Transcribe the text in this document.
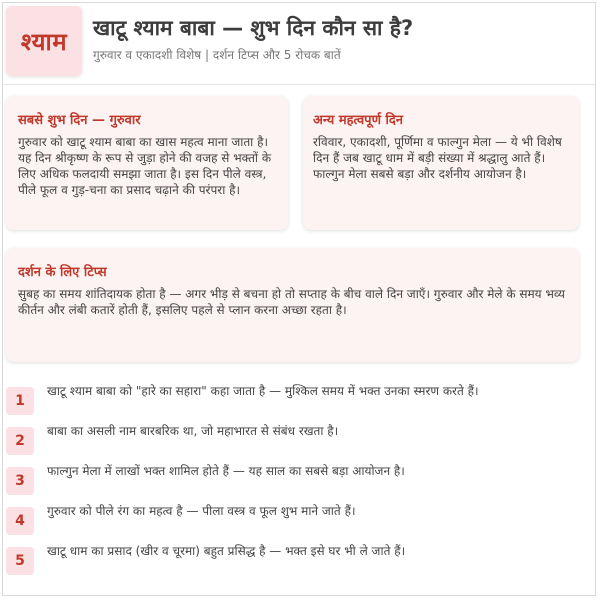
श्याम खाटू श्याम बाबा — शुभ दिन कौन सा है?

गुरुवार व एकादशी विशेष | दर्शन टिप्स और 5 रोचक बातें

सबसे शुभ दिन — गुरुवार

गुरुवार को खाटू श्याम बाबा का खास महत्व माना जाता है। यह दिन श्रीकृष्ण के रूप से जुड़ा होने की वजह से भक्तों के लिए अधिक फलदायी समझा जाता है। इस दिन पीले वस्त्र, पीले फूल व गुड़-चना का प्रसाद चढ़ाने की परंपरा है।

अन्य महत्वपूर्ण दिन

रविवार, एकादशी, पूर्णिमा व फाल्गुन मेला — ये भी विशेष दिन हैं जब खाटू धाम में बड़ी संख्या में श्रद्धालु आते हैं। फाल्गुन मेला सबसे बड़ा और दर्शनीय आयोजन है।

दर्शन के लिए टिप्स

सुबह का समय शांतिदायक होता है — अगर भीड़ से बचना हो तो सप्ताह के बीच वाले दिन जाएँ। गुरुवार और मेले के समय भव्य कीर्तन और लंबी कतारें होती हैं, इसलिए पहले से प्लान करना अच्छा रहता है।

1
खाटू श्याम बाबा को "हारे का सहारा" कहा जाता है — मुश्किल समय में भक्त उनका स्मरण करते हैं।
2
बाबा का असली नाम बारबरिक था, जो महाभारत से संबंध रखता है।
3
फाल्गुन मेला में लाखों भक्त शामिल होते हैं — यह साल का सबसे बड़ा आयोजन है।
4
गुरुवार को पीले रंग का महत्व है — पीला वस्त्र व फूल शुभ माने जाते हैं।
5
खाटू धाम का प्रसाद (खीर व चूरमा) बहुत प्रसिद्ध है — भक्त इसे घर भी ले जाते हैं।
